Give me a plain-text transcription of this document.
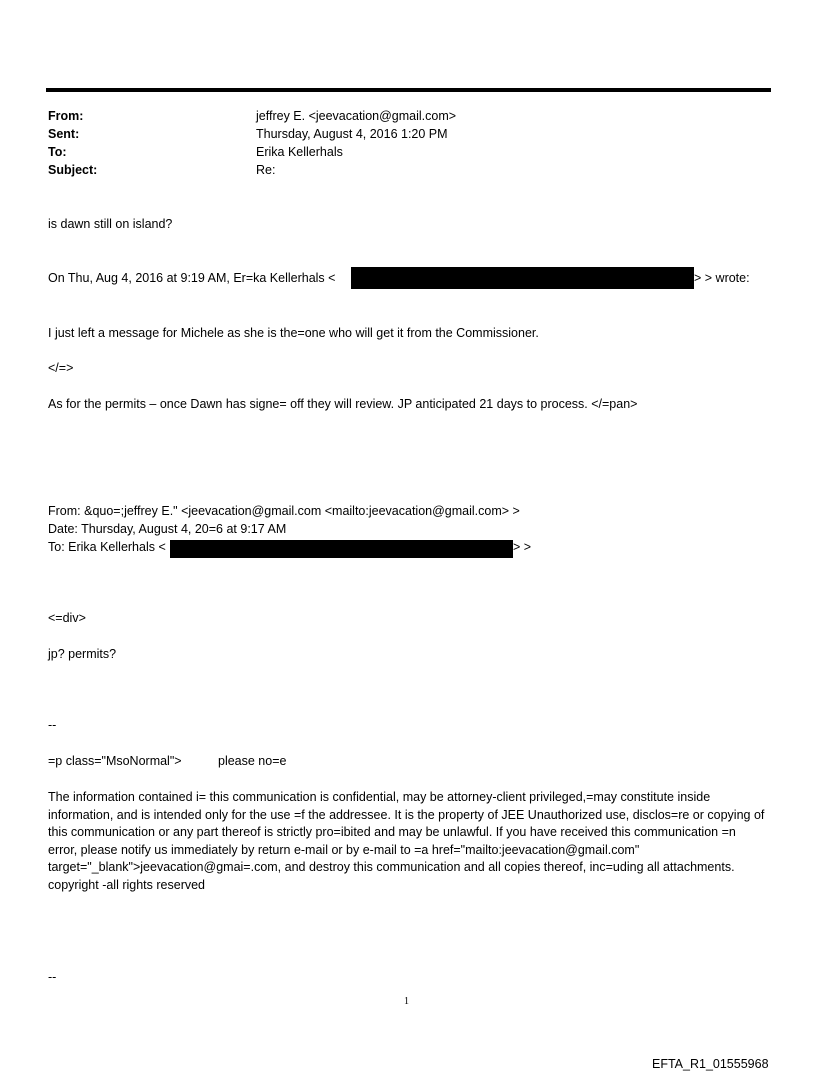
From:	jeffrey E. <jeevacation@gmail.com>
Sent:	Thursday, August 4, 2016 1:20 PM
To:	Erika Kellerhals
Subject:	Re:
is dawn still on island?
On Thu, Aug 4, 2016 at 9:19 AM, Er=ka Kellerhals <	> > wrote:
I just left a message for Michele as she is the=one who will get it from the Commissioner.
</=>
As for the permits – once Dawn has signe= off they will review. JP anticipated 21 days to process. </=pan>
From: &quo=;jeffrey E." <jeevacation@gmail.com <mailto:jeevacation@gmail.com> >
Date: Thursday, August 4, 20=6 at 9:17 AM
To: Erika Kellerhals <	> >
<=div>
jp? permits?
--
=p class="MsoNormal">	please no=e
The information contained i= this communication is confidential, may be attorney-client privileged,=may constitute inside information, and is intended only for the use =f the addressee. It is the property of JEE Unauthorized use, disclos=re or copying of this communication or any part thereof is strictly pro=ibited and may be unlawful. If you have received this communication =n error, please notify us immediately by return e-mail or by e-mail to =a href="mailto:jeevacation@gmail.com" target="_blank">jeevacation@gmai=.com, and destroy this communication and all copies thereof, inc=uding all attachments. copyright -all rights reserved
--
1
EFTA_R1_01555968
